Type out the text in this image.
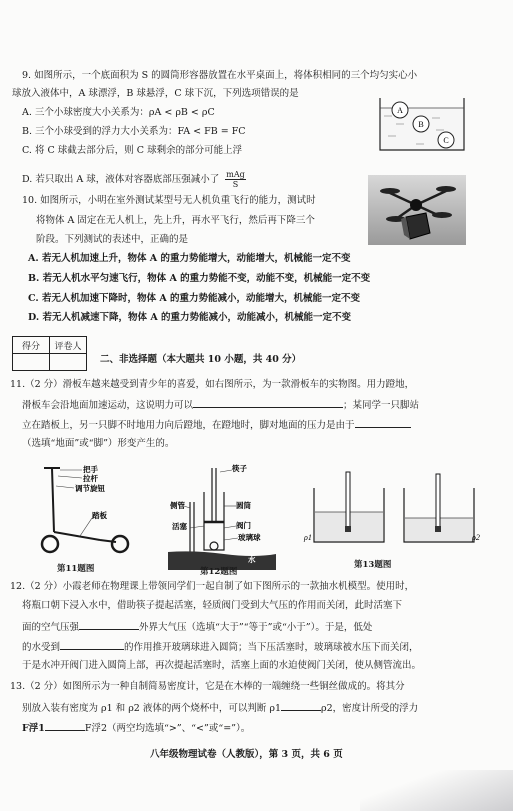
9. 如图所示，一个底面积为 S 的圆筒形容器放置在水平桌面上，将体积相同的三个均匀实心小
球放入液体中，A 球漂浮，B 球悬浮，C 球下沉，下列选项错误的是
A. 三个小球密度大小关系为：ρA < ρB < ρC
B. 三个小球受到的浮力大小关系为：FA < FB = FC
C. 将 C 球截去部分后，则 C 球剩余的部分可能上浮
D. 若只取出 A 球，液体对容器底部压强减小了 mAg
S
A
B
C
10. 如图所示，小明在室外测试某型号无人机负重飞行的能力，测试时
将物体 A 固定在无人机上，先上升，再水平飞行，然后再下降三个
阶段。下列测试的表述中，正确的是
A. 若无人机加速上升，物体 A 的重力势能增大，动能增大，机械能一定不变
B. 若无人机水平匀速飞行，物体 A 的重力势能不变，动能不变，机械能一定不变
C. 若无人机加速下降时，物体 A 的重力势能减小，动能增大，机械能一定不变
D. 若无人机减速下降，物体 A 的重力势能减小，动能减小，机械能一定不变
得分	评卷人

二、非选择题（本大题共 10 小题，共 40 分）
11.（2 分）滑板车越来越受到青少年的喜爱，如右图所示，为一款滑板车的实物图。用力蹬地，
滑板车会沿地面加速运动，这说明力可以	；某同学一只脚站
立在踏板上，另一只脚不时地用力向后蹬地，在蹬地时，脚对地面的压力是由于
（选填“地面”或“脚”）形变产生的。
把手
拉杆
调节旋钮
踏板
第11题图
筷子
侧管	圆筒
阀门
活塞
玻璃球
水
第12题图
ρ1	ρ2
第13题图
12.（2 分）小霞老师在物理课上带领同学们一起自制了如下图所示的一款抽水机模型。使用时，
将瓶口朝下浸入水中，借助筷子提起活塞，轻质阀门受到大气压的作用而关闭，此时活塞下
面的空气压强	外界大气压（选填“大于”“等于”或“小于”）。于是，低处
的水受到	的作用推开玻璃球进入圆筒；当下压活塞时，玻璃球被水压下而关闭，
于是水冲开阀门进入圆筒上部，再次提起活塞时，活塞上面的水迫使阀门关闭，使从侧管流出。
13.（2 分）如图所示为一种自制简易密度计，它是在木棒的一端缠绕一些铜丝做成的。将其分
别放入装有密度为 ρ1 和 ρ2 液体的两个烧杯中，可以判断 ρ1	ρ2，密度计所受的浮力
F浮1	F浮2（两空均选填“>”、“<”或“=”）。
八年级物理试卷（人教版），第 3 页，共 6 页
